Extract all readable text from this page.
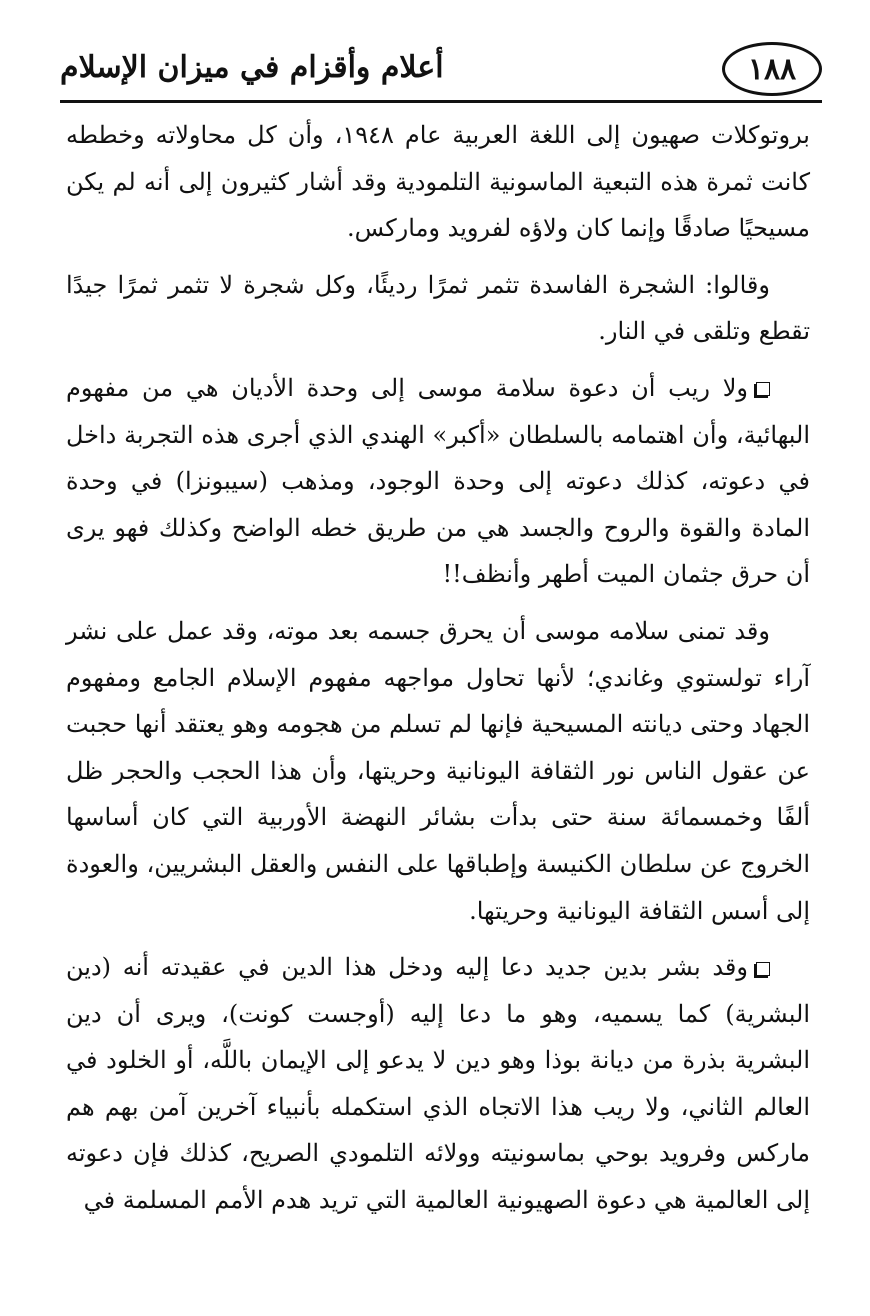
أعلام وأقزام في ميزان الإسلام	١٨٨

بروتوكلات صهيون إلى اللغة العربية عام ١٩٤٨، وأن كل محاولاته وخططه كانت ثمرة هذه التبعية الماسونية التلمودية وقد أشار كثيرون إلى أنه لم يكن مسيحيًا صادقًا وإنما كان ولاؤه لفرويد وماركس.

وقالوا: الشجرة الفاسدة تثمر ثمرًا رديئًا، وكل شجرة لا تثمر ثمرًا جيدًا تقطع وتلقى في النار.

ولا ريب أن دعوة سلامة موسى إلى وحدة الأديان هي من مفهوم البهائية، وأن اهتمامه بالسلطان «أكبر» الهندي الذي أجرى هذه التجربة داخل في دعوته، كذلك دعوته إلى وحدة الوجود، ومذهب (سيبونزا) في وحدة المادة والقوة والروح والجسد هي من طريق خطه الواضح وكذلك فهو يرى أن حرق جثمان الميت أطهر وأنظف!!

وقد تمنى سلامه موسى أن يحرق جسمه بعد موته، وقد عمل على نشر آراء تولستوي وغاندي؛ لأنها تحاول مواجهه مفهوم الإسلام الجامع ومفهوم الجهاد وحتى ديانته المسيحية فإنها لم تسلم من هجومه وهو يعتقد أنها حجبت عن عقول الناس نور الثقافة اليونانية وحريتها، وأن هذا الحجب والحجر ظل ألفًا وخمسمائة سنة حتى بدأت بشائر النهضة الأوربية التي كان أساسها الخروج عن سلطان الكنيسة وإطباقها على النفس والعقل البشريين، والعودة إلى أسس الثقافة اليونانية وحريتها.

وقد بشر بدين جديد دعا إليه ودخل هذا الدين في عقيدته أنه (دين البشرية) كما يسميه، وهو ما دعا إليه (أوجست كونت)، ويرى أن دين البشرية بذرة من ديانة بوذا وهو دين لا يدعو إلى الإيمان باللَّه، أو الخلود في العالم الثاني، ولا ريب هذا الاتجاه الذي استكمله بأنبياء آخرين آمن بهم هم ماركس وفرويد بوحي بماسونيته وولائه التلمودي الصريح، كذلك فإن دعوته إلى العالمية هي دعوة الصهيونية العالمية التي تريد هدم الأمم المسلمة في
